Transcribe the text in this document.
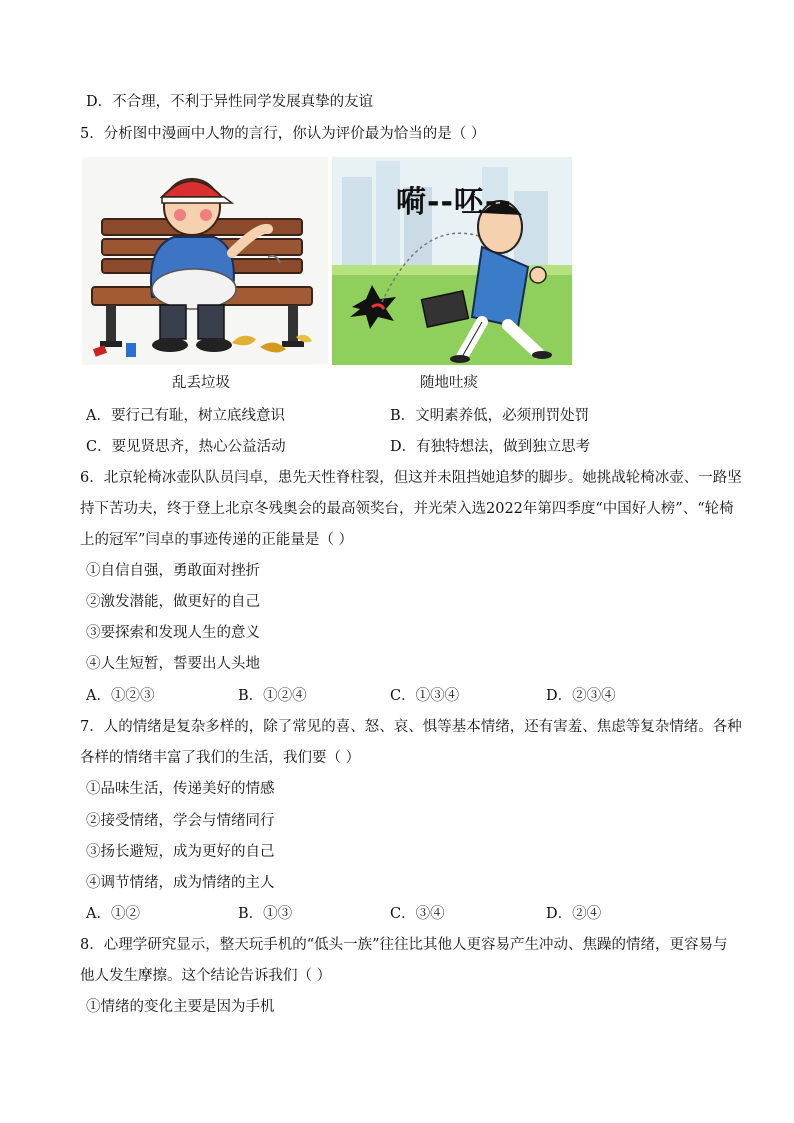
D．不合理，不利于异性同学发展真挚的友谊
5．分析图中漫画中人物的言行，你认为评价最为恰当的是（ ）
乱丢垃圾
嗬--呸--
随地吐痰
A．要行己有耻，树立底线意识	B．文明素养低，必须刑罚处罚
C．要见贤思齐，热心公益活动	D．有独特想法，做到独立思考
6．北京轮椅冰壶队队员闫卓，患先天性脊柱裂，但这并未阻挡她追梦的脚步。她挑战轮椅冰壶、一路坚
持下苦功夫，终于登上北京冬残奥会的最高领奖台，并光荣入选2022年第四季度“中国好人榜”、“轮椅
上的冠军”闫卓的事迹传递的正能量是（ ）
①自信自强，勇敢面对挫折
②激发潜能，做更好的自己
③要探索和发现人生的意义
④人生短暂，誓要出人头地
A．①②③	B．①②④	C．①③④	D．②③④
7．人的情绪是复杂多样的，除了常见的喜、怒、哀、惧等基本情绪，还有害羞、焦虑等复杂情绪。各种
各样的情绪丰富了我们的生活，我们要（ ）
①品味生活，传递美好的情感
②接受情绪，学会与情绪同行
③扬长避短，成为更好的自己
④调节情绪，成为情绪的主人
A．①②	B．①③	C．③④	D．②④
8．心理学研究显示，整天玩手机的“低头一族”往往比其他人更容易产生冲动、焦躁的情绪，更容易与
他人发生摩擦。这个结论告诉我们（ ）
①情绪的变化主要是因为手机
